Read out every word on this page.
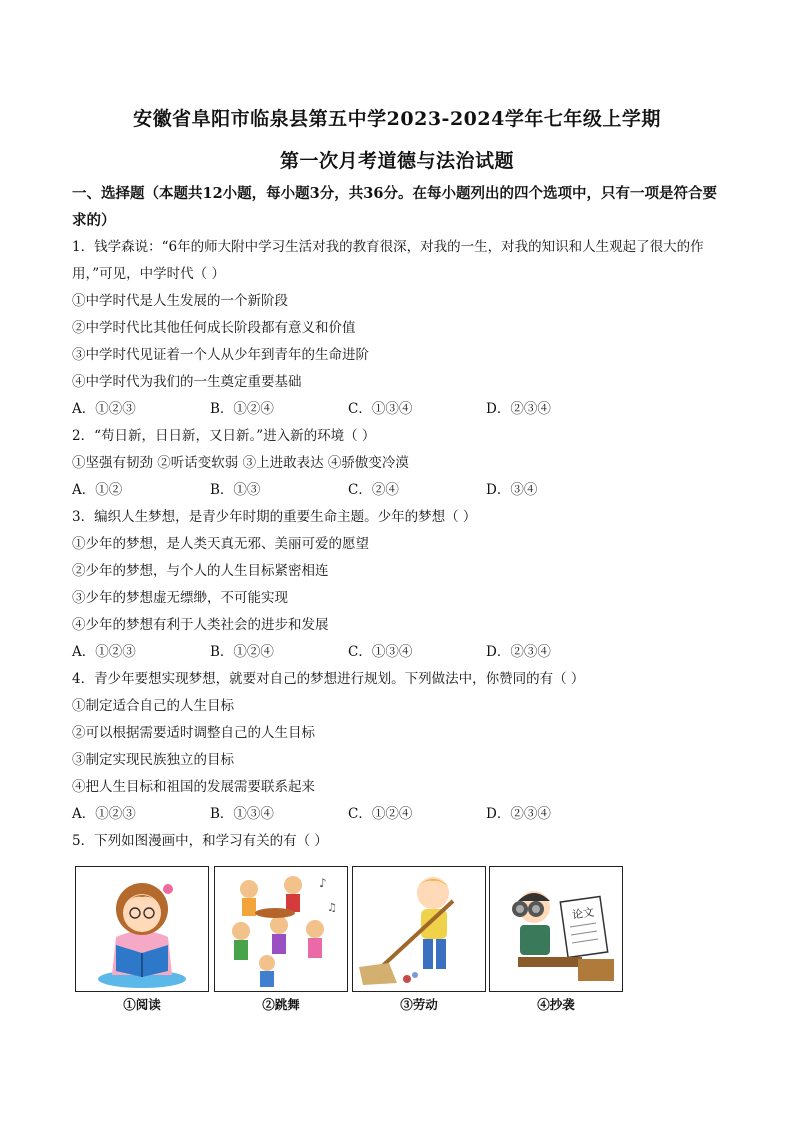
安徽省阜阳市临泉县第五中学2023-2024学年七年级上学期
第一次月考道德与法治试题
一、选择题（本题共12小题，每小题3分，共36分。在每小题列出的四个选项中，只有一项是符合要求的）
1．钱学森说：“6年的师大附中学习生活对我的教育很深，对我的一生，对我的知识和人生观起了很大的作用，”可见，中学时代（ ）
①中学时代是人生发展的一个新阶段
②中学时代比其他任何成长阶段都有意义和价值
③中学时代见证着一个人从少年到青年的生命进阶
④中学时代为我们的一生奠定重要基础
A．①②③	B．①②④	C．①③④	D．②③④
2．“苟日新，日日新，又日新。”进入新的环境（ ）
①坚强有韧劲 ②听话变软弱 ③上进敢表达 ④骄傲变冷漠
A．①②	B．①③	C．②④	D．③④
3．编织人生梦想，是青少年时期的重要生命主题。少年的梦想（ ）
①少年的梦想，是人类天真无邪、美丽可爱的愿望
②少年的梦想，与个人的人生目标紧密相连
③少年的梦想虚无缥缈，不可能实现
④少年的梦想有利于人类社会的进步和发展
A．①②③	B．①②④	C．①③④	D．②③④
4．青少年要想实现梦想，就要对自己的梦想进行规划。下列做法中，你赞同的有（ ）
①制定适合自己的人生目标
②可以根据需要适时调整自己的人生目标
③制定实现民族独立的目标
④把人生目标和祖国的发展需要联系起来
A．①②③	B．①③④	C．①②④	D．②③④
5．下列如图漫画中，和学习有关的有（ ）
♪
♫	论文
①阅读	②跳舞	③劳动	④抄袭
